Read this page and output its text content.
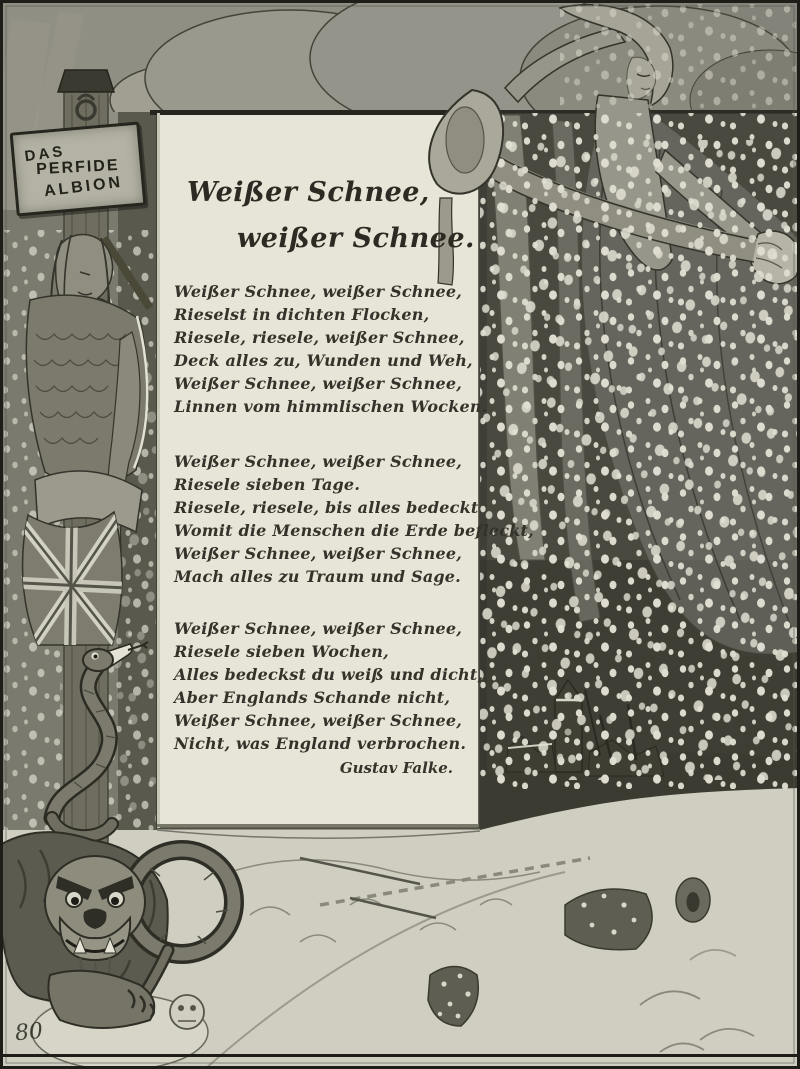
DAS
PERFIDE
ALBION	Weißer Schnee,
weißer Schnee.
Weißer Schnee, weißer Schnee,
Rieselst in dichten Flocken,
Riesele, riesele, weißer Schnee,
Deck alles zu, Wunden und Weh,
Weißer Schnee, weißer Schnee,
Linnen vom himmlischen Wocken.
Weißer Schnee, weißer Schnee,
Riesele sieben Tage.
Riesele, riesele, bis alles bedeckt
Womit die Menschen die Erde befleckt,
Weißer Schnee, weißer Schnee,
Mach alles zu Traum und Sage.
Weißer Schnee, weißer Schnee,
Riesele sieben Wochen,
Alles bedeckst du weiß und dicht,
Aber Englands Schande nicht,
Weißer Schnee, weißer Schnee,
Nicht, was England verbrochen.
Gustav Falke.
80
